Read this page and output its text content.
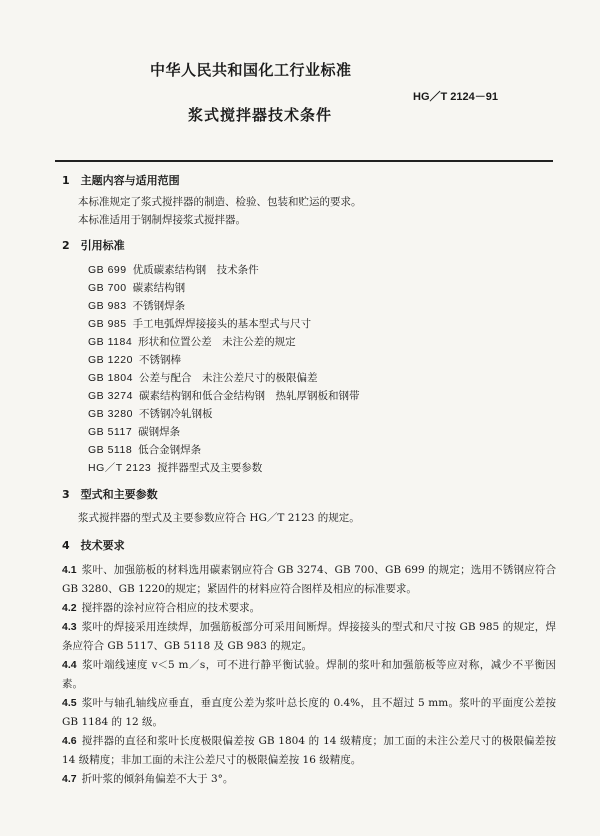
中华人民共和国化工行业标准
HG／T 2124－91
浆式搅拌器技术条件
1　主题内容与适用范围
本标准规定了浆式搅拌器的制造、检验、包装和贮运的要求。
本标准适用于钢制焊接浆式搅拌器。
2　引用标准
GB 699 优质碳素结构钢　技术条件
GB 700 碳素结构钢
GB 983 不锈钢焊条
GB 985 手工电弧焊焊接接头的基本型式与尺寸
GB 1184 形状和位置公差　未注公差的规定
GB 1220 不锈钢棒
GB 1804 公差与配合　未注公差尺寸的极限偏差
GB 3274 碳素结构钢和低合金结构钢　热轧厚钢板和钢带
GB 3280 不锈钢冷轧钢板
GB 5117 碳钢焊条
GB 5118 低合金钢焊条
HG／T 2123 搅拌器型式及主要参数
3　型式和主要参数
浆式搅拌器的型式及主要参数应符合 HG／T 2123 的规定。
4　技术要求
4.1 浆叶、加强筋板的材料选用碳素钢应符合 GB 3274、GB 700、GB 699 的规定；选用不锈钢应符合 GB 3280、GB 1220的规定；紧固件的材料应符合图样及相应的标准要求。
4.2 搅拌器的涂衬应符合相应的技术要求。
4.3 浆叶的焊接采用连续焊，加强筋板部分可采用间断焊。焊接接头的型式和尺寸按 GB 985 的规定，焊条应符合 GB 5117、GB 5118 及 GB 983 的规定。
4.4 浆叶端线速度 v＜5 m／s，可不进行静平衡试验。焊制的浆叶和加强筋板等应对称，减少不平衡因素。
4.5 浆叶与轴孔轴线应垂直，垂直度公差为浆叶总长度的 0.4%，且不超过 5 mm。浆叶的平面度公差按 GB 1184 的 12 级。
4.6 搅拌器的直径和浆叶长度极限偏差按 GB 1804 的 14 级精度；加工面的未注公差尺寸的极限偏差按 14 级精度；非加工面的未注公差尺寸的极限偏差按 16 级精度。
4.7 折叶浆的倾斜角偏差不大于 3°。
